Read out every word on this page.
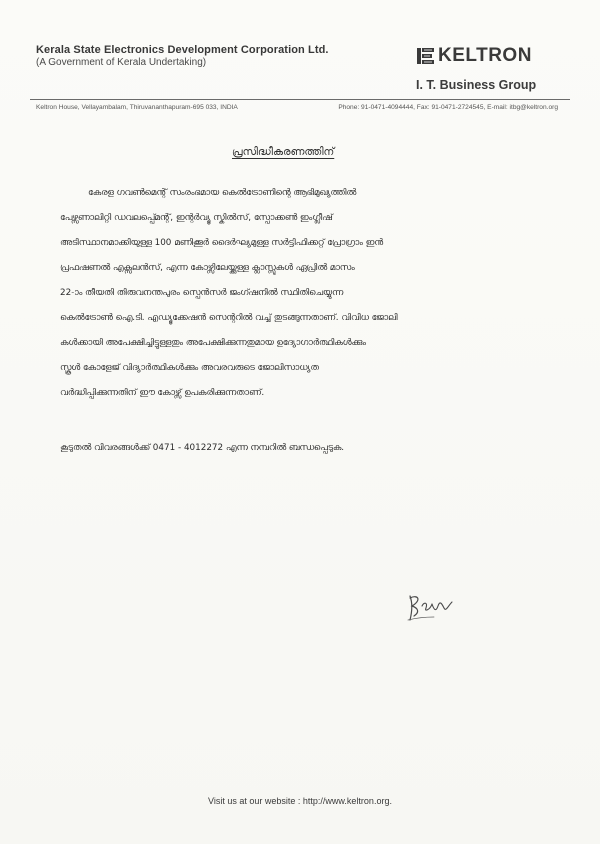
Kerala State Electronics Development Corporation Ltd.
(A Government of Kerala Undertaking)	KELTRON
I. T. Business Group
Keltron House, Vellayambalam, Thiruvananthapuram-695 033, INDIA	Phone: 91-0471-4094444, Fax: 91-0471-2724545, E-mail: itbg@keltron.org
പ്രസിദ്ധീകരണത്തിന്
കേരള ഗവൺമെന്റ് സംരംഭമായ കെൽട്രോണിന്റെ ആഭിമുഖ്യത്തിൽ
പേഴ്സണാലിറ്റി ഡവലപ്പ്മെന്റ്, ഇന്റർവ്യൂ സ്കിൽസ്, സ്പോക്കൺ ഇംഗ്ലീഷ്
അടിസ്ഥാനമാക്കിയുള്ള 100 മണിക്കൂർ ദൈർഘ്യമുള്ള സർട്ടിഫിക്കറ്റ് പ്രോഗ്രാം ഇൻ
പ്രഫഷണൽ എക്സലൻസ്, എന്ന കോഴ്സിലേയ്ക്കുള്ള ക്ലാസ്സുകൾ ഏപ്രിൽ മാസം
22-ാം തീയതി തിരുവനന്തപുരം സ്പെൻസർ ജംഗ്ഷനിൽ സ്ഥിതിചെയ്യുന്ന
കെൽട്രോൺ ഐ.ടി. എഡ്യൂക്കേഷൻ സെന്ററിൽ വച്ച് തുടങ്ങുന്നതാണ്. വിവിധ ജോലി
കൾക്കായി അപേക്ഷിച്ചിട്ടുള്ളതും അപേക്ഷിക്കുന്നതുമായ ഉദ്യോഗാർത്ഥികൾക്കും
സ്കൂൾ കോളേജ് വിദ്യാർത്ഥികൾക്കും അവരവരുടെ ജോലിസാധ്യത
വർദ്ധിപ്പിക്കുന്നതിന് ഈ കോഴ്സ് ഉപകരിക്കുന്നതാണ്.
കൂടുതൽ വിവരങ്ങൾക്ക് 0471 - 4012272 എന്ന നമ്പറിൽ ബന്ധപ്പെടുക.
Visit us at our website : http://www.keltron.org.
